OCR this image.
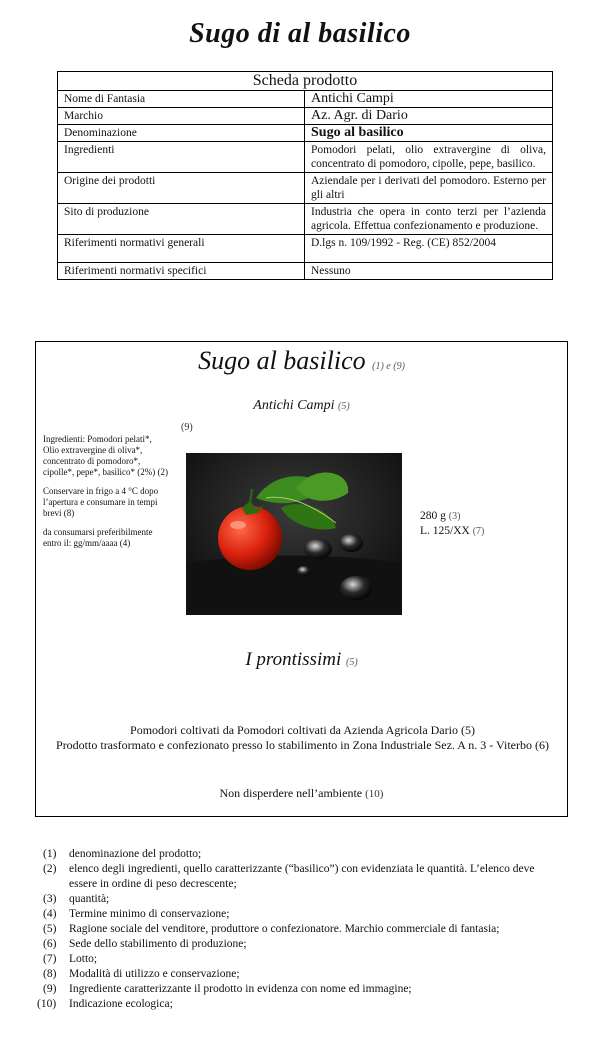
Sugo di al basilico
Scheda prodotto	
Nome di Fantasia	Antichi Campi
Marchio	Az. Agr. di Dario
Denominazione	Sugo al basilico
Ingredienti	Pomodori pelati, olio extravergine di oliva, concentrato di pomodoro, cipolle, pepe, basilico.
Origine dei prodotti	Aziendale per i derivati del pomodoro. Esterno per gli altri
Sito di produzione	Industria che opera in conto terzi per l’azienda agricola. Effettua confezionamento e produzione.
Riferimenti normativi generali	D.lgs n. 109/1992 - Reg. (CE) 852/2004
Riferimenti normativi specifici	Nessuno
Sugo al basilico (1) e (9)
Antichi Campi (5)
(9)

Ingredienti: Pomodori pelati*, Olio extravergine di oliva*, concentrato di pomodoro*, cipolle*, pepe*, basilico* (2%) (2)

Conservare in frigo a 4 °C dopo l’apertura e consumare in tempi brevi (8)

da consumarsi preferibilmente entro il: gg/mm/aaaa (4)

280 g (3)
L. 125/XX (7)
I prontissimi (5)

Pomodori coltivati da Pomodori coltivati da Azienda Agricola Dario (5)

Prodotto trasformato e confezionato presso lo stabilimento in Zona Industriale Sez. A n. 3 - Viterbo (6)

Non disperdere nell’ambiente (10)
(1)	denominazione del prodotto;
(2)	elenco degli ingredienti, quello caratterizzante (“basilico”) con evidenziata le quantità. L’elenco deve essere in ordine di peso decrescente;
(3)	quantità;
(4)	Termine minimo di conservazione;
(5)	Ragione sociale del venditore, produttore o confezionatore. Marchio commerciale di fantasia;
(6)	Sede dello stabilimento di produzione;
(7)	Lotto;
(8)	Modalità di utilizzo e conservazione;
(9)	Ingrediente caratterizzante il prodotto in evidenza con nome ed immagine;
(10)	Indicazione ecologica;
